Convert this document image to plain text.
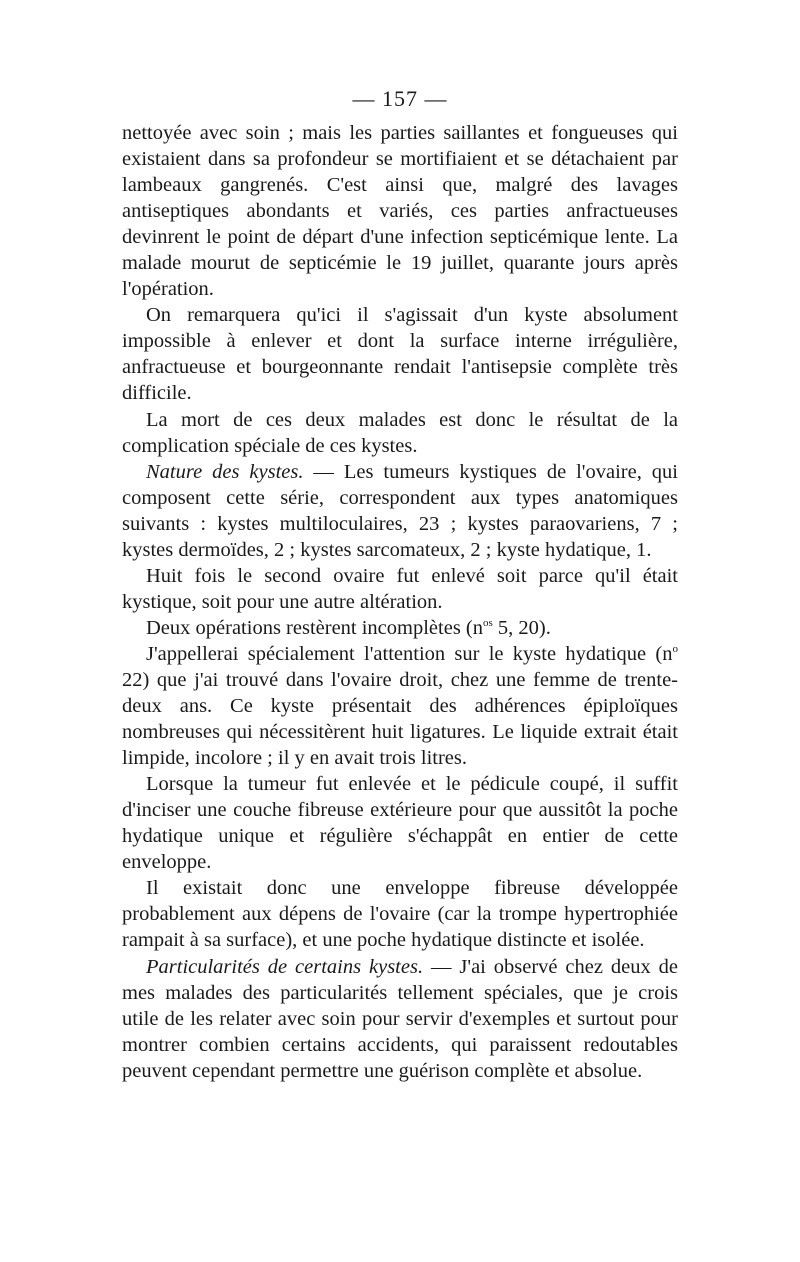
— 157 —

nettoyée avec soin ; mais les parties saillantes et fongueuses qui existaient dans sa profondeur se mortifiaient et se détachaient par lambeaux gangrenés. C'est ainsi que, malgré des lavages antiseptiques abondants et variés, ces parties anfractueuses devinrent le point de départ d'une infection septicémique lente. La malade mourut de septicémie le 19 juillet, quarante jours après l'opération.

On remarquera qu'ici il s'agissait d'un kyste absolument impossible à enlever et dont la surface interne irrégulière, anfractueuse et bourgeonnante rendait l'antisepsie complète très difficile.

La mort de ces deux malades est donc le résultat de la complication spéciale de ces kystes.

Nature des kystes. — Les tumeurs kystiques de l'ovaire, qui composent cette série, correspondent aux types anatomiques suivants : kystes multiloculaires, 23 ; kystes paraovariens, 7 ; kystes dermoïdes, 2 ; kystes sarcomateux, 2 ; kyste hydatique, 1.

Huit fois le second ovaire fut enlevé soit parce qu'il était kystique, soit pour une autre altération.

Deux opérations restèrent incomplètes ($n^{os}$ 5, 20).

J'appellerai spécialement l'attention sur le kyste hydatique ($n^o$ 22) que j'ai trouvé dans l'ovaire droit, chez une femme de trente-deux ans. Ce kyste présentait des adhérences épiploïques nombreuses qui nécessitèrent huit ligatures. Le liquide extrait était limpide, incolore ; il y en avait trois litres.

Lorsque la tumeur fut enlevée et le pédicule coupé, il suffit d'inciser une couche fibreuse extérieure pour que aussitôt la poche hydatique unique et régulière s'échappât en entier de cette enveloppe.

Il existait donc une enveloppe fibreuse développée probablement aux dépens de l'ovaire (car la trompe hypertrophiée rampait à sa surface), et une poche hydatique distincte et isolée.

Particularités de certains kystes. — J'ai observé chez deux de mes malades des particularités tellement spéciales, que je crois utile de les relater avec soin pour servir d'exemples et surtout pour montrer combien certains accidents, qui paraissent redoutables peuvent cependant permettre une guérison complète et absolue.
